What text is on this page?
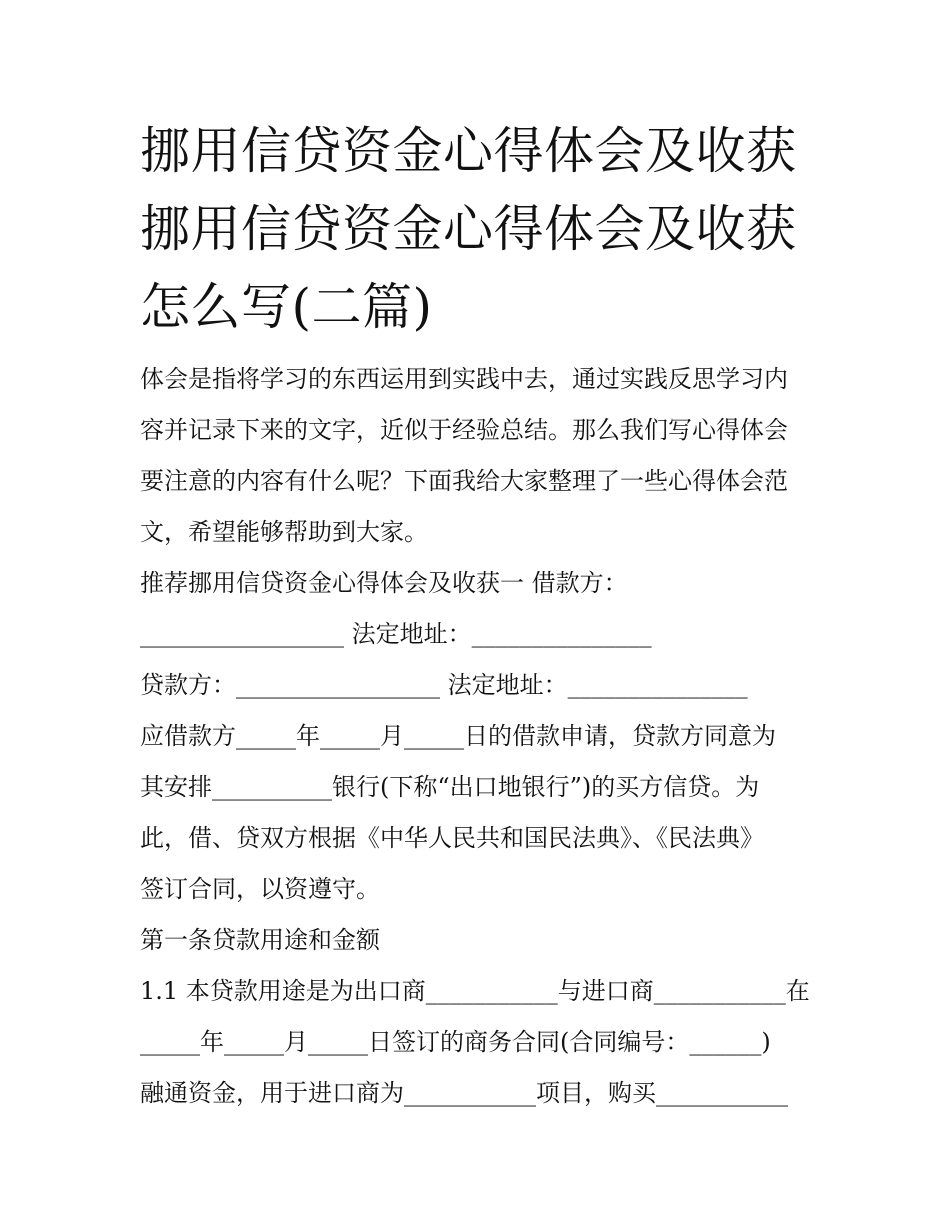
挪用信贷资金心得体会及收获
挪用信贷资金心得体会及收获
怎么写(二篇)
体会是指将学习的东西运用到实践中去，通过实践反思学习内
容并记录下来的文字，近似于经验总结。那么我们写心得体会
要注意的内容有什么呢？下面我给大家整理了一些心得体会范
文，希望能够帮助到大家。
推荐挪用信贷资金心得体会及收获一 借款方：
_________________ 法定地址：_______________
贷款方：_________________ 法定地址：_______________
应借款方_____年_____月_____日的借款申请，贷款方同意为
其安排__________银行(下称“出口地银行”)的买方信贷。为
此，借、贷双方根据《中华人民共和国民法典》、《民法典》
签订合同，以资遵守。
第一条贷款用途和金额
1.1 本贷款用途是为出口商___________与进口商___________在
_____年_____月_____日签订的商务合同(合同编号：______)
融通资金，用于进口商为___________项目，购买___________
